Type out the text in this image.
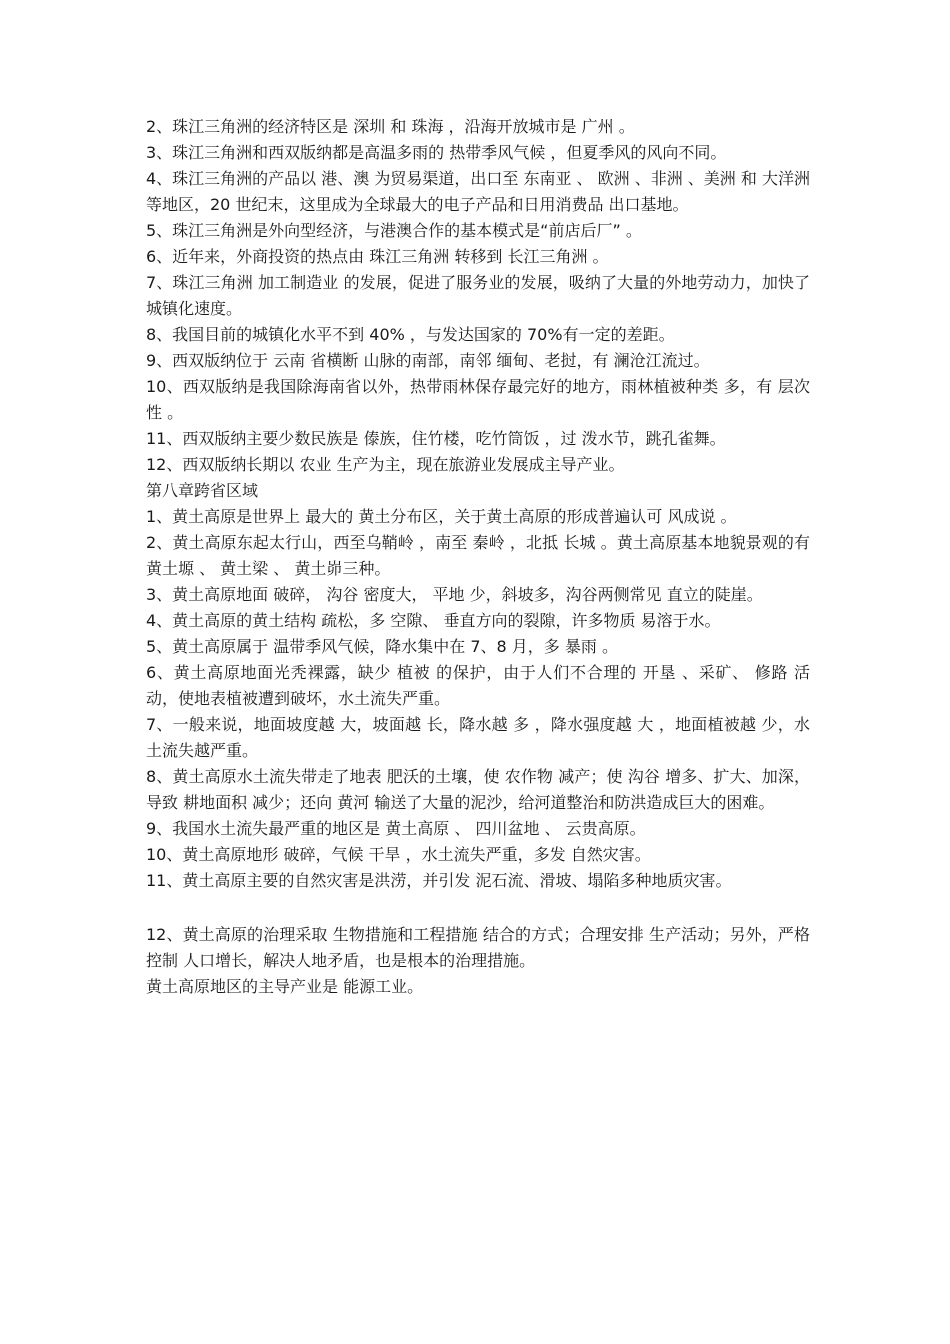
2、珠江三角洲的经济特区是 深圳 和 珠海 ，沿海开放城市是 广州 。

3、珠江三角洲和西双版纳都是高温多雨的 热带季风气候 ，但夏季风的风向不同。

4、珠江三角洲的产品以 港、澳 为贸易渠道，出口至 东南亚 、 欧洲 、非洲 、美洲 和 大洋洲 等地区，20 世纪末，这里成为全球最大的电子产品和日用消费品 出口基地。

5、珠江三角洲是外向型经济，与港澳合作的基本模式是“前店后厂” 。

6、近年来，外商投资的热点由 珠江三角洲 转移到 长江三角洲 。

7、珠江三角洲 加工制造业 的发展，促进了服务业的发展，吸纳了大量的外地劳动力，加快了城镇化速度。

8、我国目前的城镇化水平不到 40% ，与发达国家的 70%有一定的差距。

9、西双版纳位于 云南 省横断 山脉的南部，南邻 缅甸、老挝，有 澜沧江流过。

10、西双版纳是我国除海南省以外，热带雨林保存最完好的地方，雨林植被种类 多，有 层次性 。

11、西双版纳主要少数民族是 傣族，住竹楼，吃竹筒饭 ，过 泼水节，跳孔雀舞。

12、西双版纳长期以 农业 生产为主，现在旅游业发展成主导产业。

第八章跨省区域

1、黄土高原是世界上 最大的 黄土分布区，关于黄土高原的形成普遍认可 风成说 。

2、黄土高原东起太行山，西至乌鞘岭 ，南至 秦岭 ，北抵 长城 。黄土高原基本地貌景观的有 黄土塬 、 黄土梁 、 黄土峁三种。

3、黄土高原地面 破碎， 沟谷 密度大， 平地 少，斜坡多，沟谷两侧常见 直立的陡崖。

4、黄土高原的黄土结构 疏松，多 空隙、 垂直方向的裂隙，许多物质 易溶于水。

5、黄土高原属于 温带季风气候，降水集中在 7、8 月，多 暴雨 。

6、黄土高原地面光秃裸露，缺少 植被 的保护，由于人们不合理的 开垦 、采矿、 修路 活动，使地表植被遭到破坏，水土流失严重。

7、一般来说，地面坡度越 大，坡面越 长，降水越 多 ，降水强度越 大 ，地面植被越 少，水土流失越严重。

8、黄土高原水土流失带走了地表 肥沃的土壤，使 农作物 减产；使 沟谷 增多、扩大、加深，导致 耕地面积 减少；还向 黄河 输送了大量的泥沙，给河道整治和防洪造成巨大的困难。

9、我国水土流失最严重的地区是 黄土高原 、 四川盆地 、 云贵高原。

10、黄土高原地形 破碎，气候 干旱 ，水土流失严重，多发 自然灾害。

11、黄土高原主要的自然灾害是洪涝，并引发 泥石流、滑坡、塌陷多种地质灾害。

12、黄土高原的治理采取 生物措施和工程措施 结合的方式；合理安排 生产活动；另外，严格控制 人口增长，解决人地矛盾，也是根本的治理措施。

黄土高原地区的主导产业是 能源工业。
